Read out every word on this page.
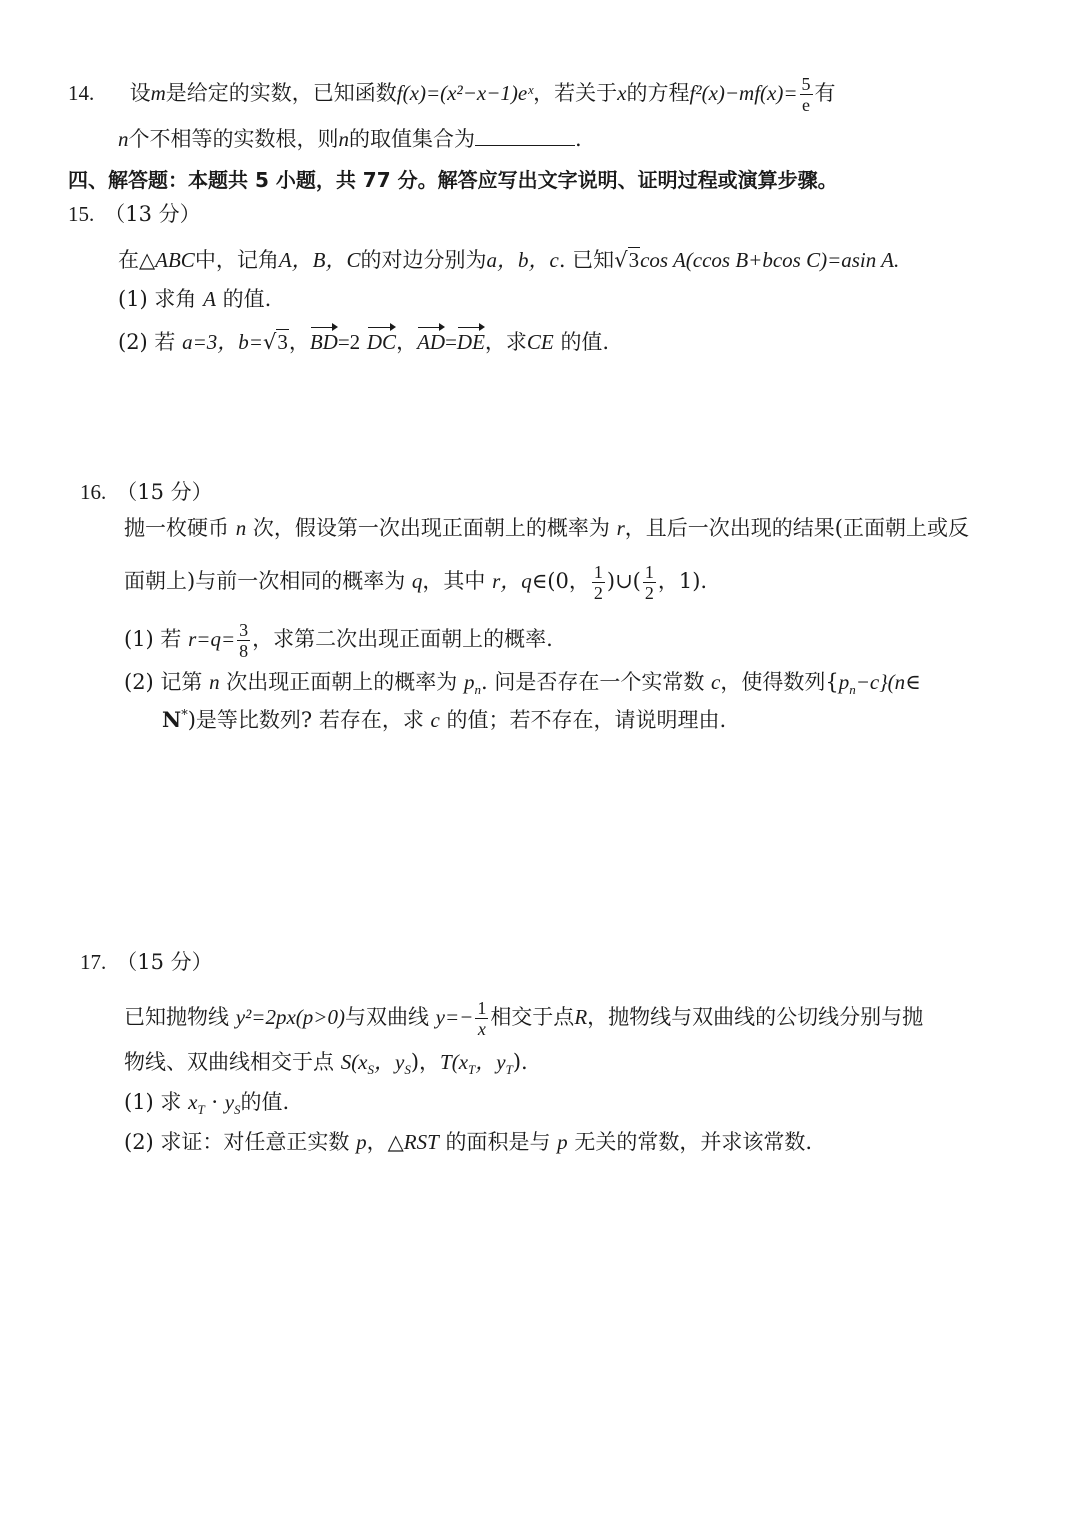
14. 设m是给定的实数，已知函数f(x)=(x²−x−1)eˣ，若关于x的方程$f^2(x)-mf(x)= \frac{5}{e}$ 有
n个不相等的实数根，则n的取值集合为	.
四、解答题：本题共 5 小题，共 77 分。解答应写出文字说明、证明过程或演算步骤。
15. （13 分）
在△ABC中，记角A，B，C的对边分别为a，b，c. 已知√3cos A(ccos B+bcos C)=asin A.
(1) 求角 A 的值.
(2) 若 a=3，b=√3，BD=2 DC，AD=DE，求CE 的值.
16. （15 分）
抛一枚硬币 n 次，假设第一次出现正面朝上的概率为 r，且后一次出现的结果(正面朝上或反
面朝上)与前一次相同的概率为 q，其中 r，q∈(0， $\frac{1}{2}$ )∪( $\frac{1}{2}$ ，1).
(1) 若 $r=q= \frac{3}{8}$ ，求第二次出现正面朝上的概率.
(2) 记第 n 次出现正面朝上的概率为 $p_n$. 问是否存在一个实常数 c，使得数列$\{p_n-c\}(n\in$
N*)是等比数列? 若存在，求 c 的值；若不存在，请说明理由.
17. （15 分）
已知抛物线 y²=2px(p>0)与双曲线 $y=- \frac{1}{x}$ 相交于点R，抛物线与双曲线的公切线分别与抛
物线、双曲线相交于点 $S(x_S$，$y_S$)，$T(x_T$，$y_T$).
(1) 求 $x_T \cdot y_S$的值.
(2) 求证：对任意正实数 p，△RST 的面积是与 p 无关的常数，并求该常数.
